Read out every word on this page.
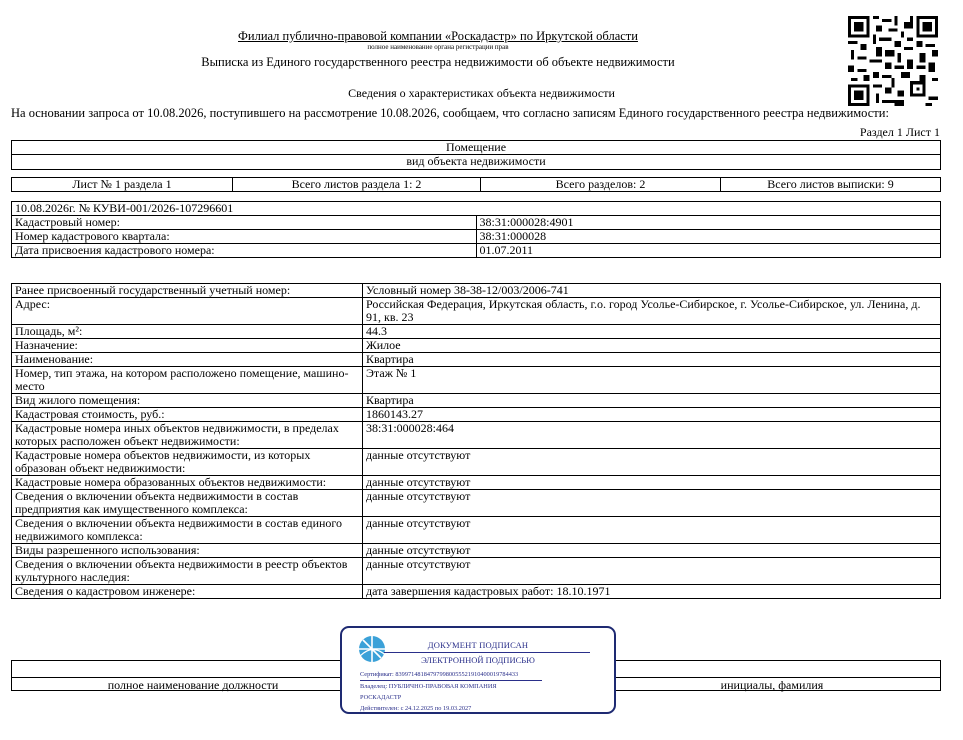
Филиал публично-правовой компании «Роскадастр» по Иркутской области
полное наименование органа регистрации прав
Выписка из Единого государственного реестра недвижимости об объекте недвижимости
Сведения о характеристиках объекта недвижимости
На основании запроса от 10.08.2026, поступившего на рассмотрение 10.08.2026, сообщаем, что согласно записям Единого государственного реестра недвижимости:
Раздел 1 Лист 1
Помещение
вид объекта недвижимости
Лист № 1 раздела 1	Всего листов раздела 1: 2	Всего разделов: 2	Всего листов выписки: 9
10.08.2026г. № КУВИ-001/2026-107296601	
Кадастровый номер:	38:31:000028:4901
Номер кадастрового квартала:	38:31:000028
Дата присвоения кадастрового номера:	01.07.2011
Ранее присвоенный государственный учетный номер:	Условный номер 38-38-12/003/2006-741
Адрес:	Российская Федерация, Иркутская область, г.о. город Усолье-Сибирское, г. Усолье-Сибирское, ул. Ленина, д. 91, кв. 23
Площадь, м²:	44.3
Назначение:	Жилое
Наименование:	Квартира
Номер, тип этажа, на котором расположено помещение, машино-место	Этаж № 1
Вид жилого помещения:	Квартира
Кадастровая стоимость, руб.:	1860143.27
Кадастровые номера иных объектов недвижимости, в пределах которых расположен объект недвижимости:	38:31:000028:464
Кадастровые номера объектов недвижимости, из которых образован объект недвижимости:	данные отсутствуют
Кадастровые номера образованных объектов недвижимости:	данные отсутствуют
Сведения о включении объекта недвижимости в состав предприятия как имущественного комплекса:	данные отсутствуют
Сведения о включении объекта недвижимости в состав единого недвижимого комплекса:	данные отсутствуют
Виды разрешенного использования:	данные отсутствуют
Сведения о включении объекта недвижимости в реестр объектов культурного наследия:	данные отсутствуют
Сведения о кадастровом инженере:	дата завершения кадастровых работ: 18.10.1971
полное наименование должности	инициалы, фамилия
ДОКУМЕНТ ПОДПИСАН
ЭЛЕКТРОННОЙ ПОДПИСЬЮ
Сертификат: 839971481847979980055521910400019784433
Владелец: ПУБЛИЧНО-ПРАВОВАЯ КОМПАНИЯ
РОСКАДАСТР
Действителен: с 24.12.2025 по 19.03.2027
